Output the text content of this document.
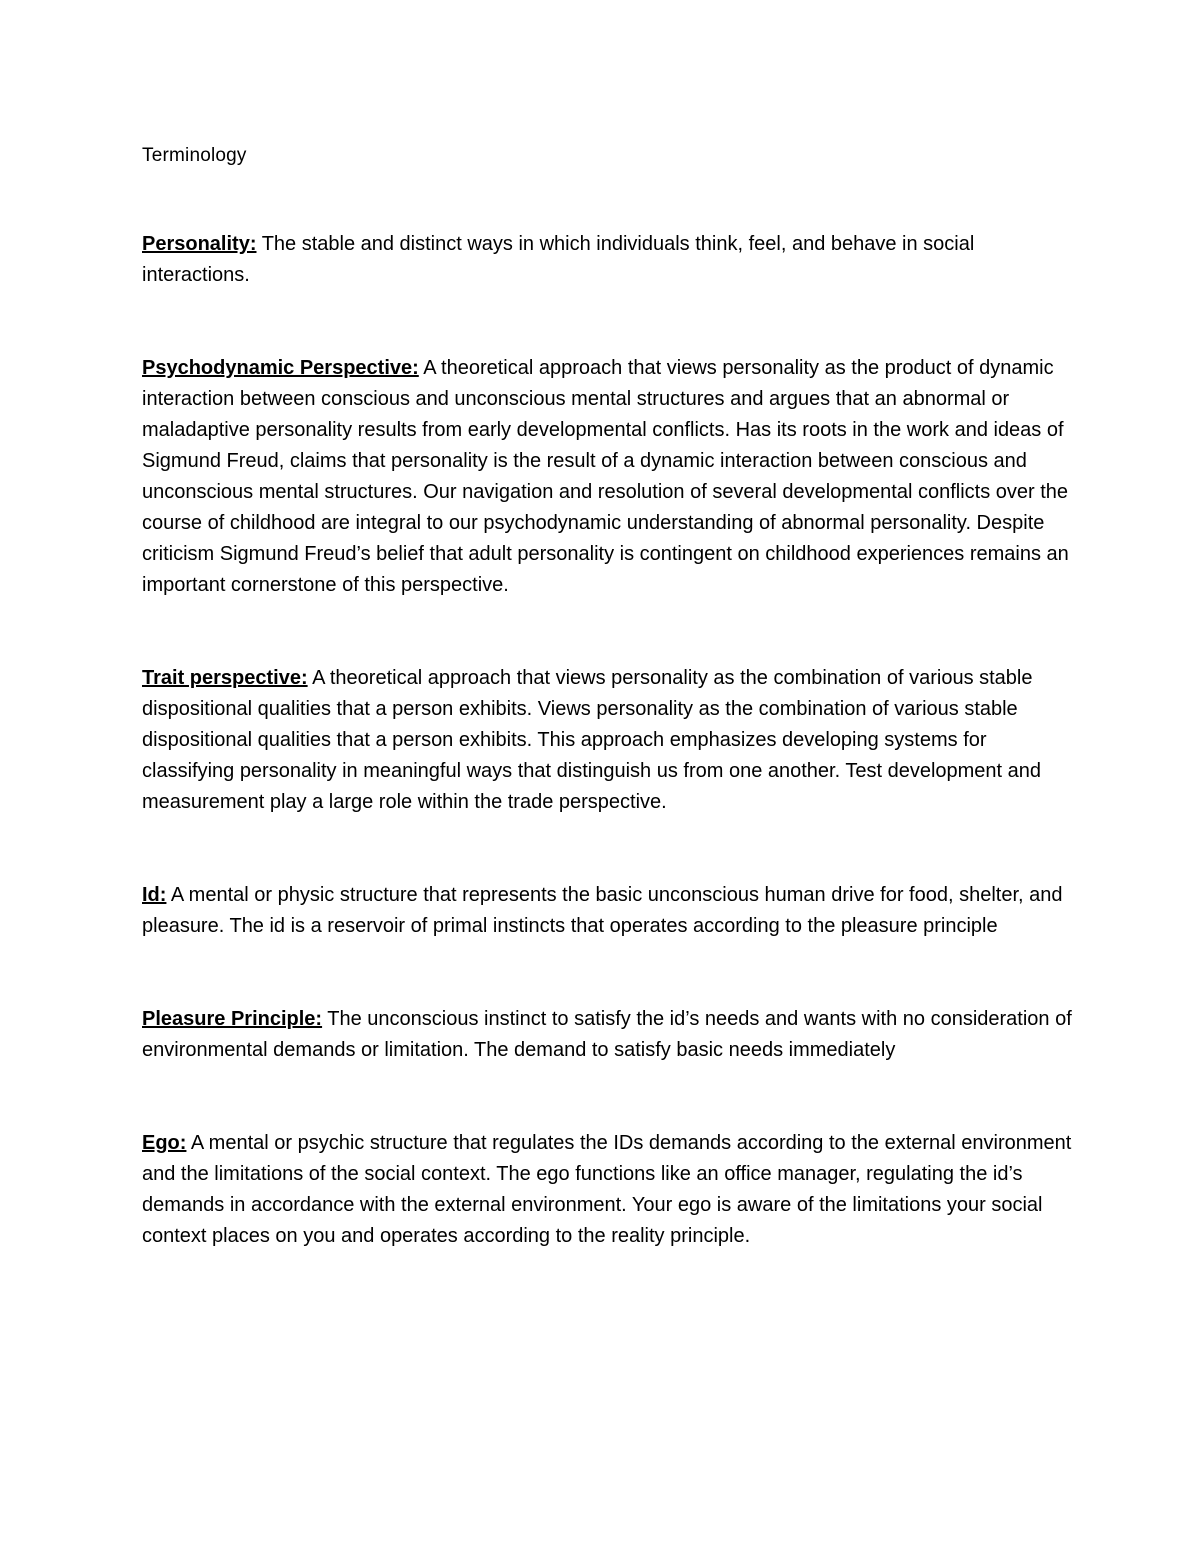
Terminology

Personality: The stable and distinct ways in which individuals think, feel, and behave in social interactions.

Psychodynamic Perspective: A theoretical approach that views personality as the product of dynamic interaction between conscious and unconscious mental structures and argues that an abnormal or maladaptive personality results from early developmental conflicts. Has its roots in the work and ideas of Sigmund Freud, claims that personality is the result of a dynamic interaction between conscious and unconscious mental structures. Our navigation and resolution of several developmental conflicts over the course of childhood are integral to our psychodynamic understanding of abnormal personality. Despite criticism Sigmund Freud’s belief that adult personality is contingent on childhood experiences remains an important cornerstone of this perspective.

Trait perspective: A theoretical approach that views personality as the combination of various stable dispositional qualities that a person exhibits. Views personality as the combination of various stable dispositional qualities that a person exhibits. This approach emphasizes developing systems for classifying personality in meaningful ways that distinguish us from one another. Test development and measurement play a large role within the trade perspective.

Id: A mental or physic structure that represents the basic unconscious human drive for food, shelter, and pleasure. The id is a reservoir of primal instincts that operates according to the pleasure principle

Pleasure Principle: The unconscious instinct to satisfy the id’s needs and wants with no consideration of environmental demands or limitation. The demand to satisfy basic needs immediately

Ego: A mental or psychic structure that regulates the IDs demands according to the external environment and the limitations of the social context. The ego functions like an office manager, regulating the id’s demands in accordance with the external environment. Your ego is aware of the limitations your social context places on you and operates according to the reality principle.
